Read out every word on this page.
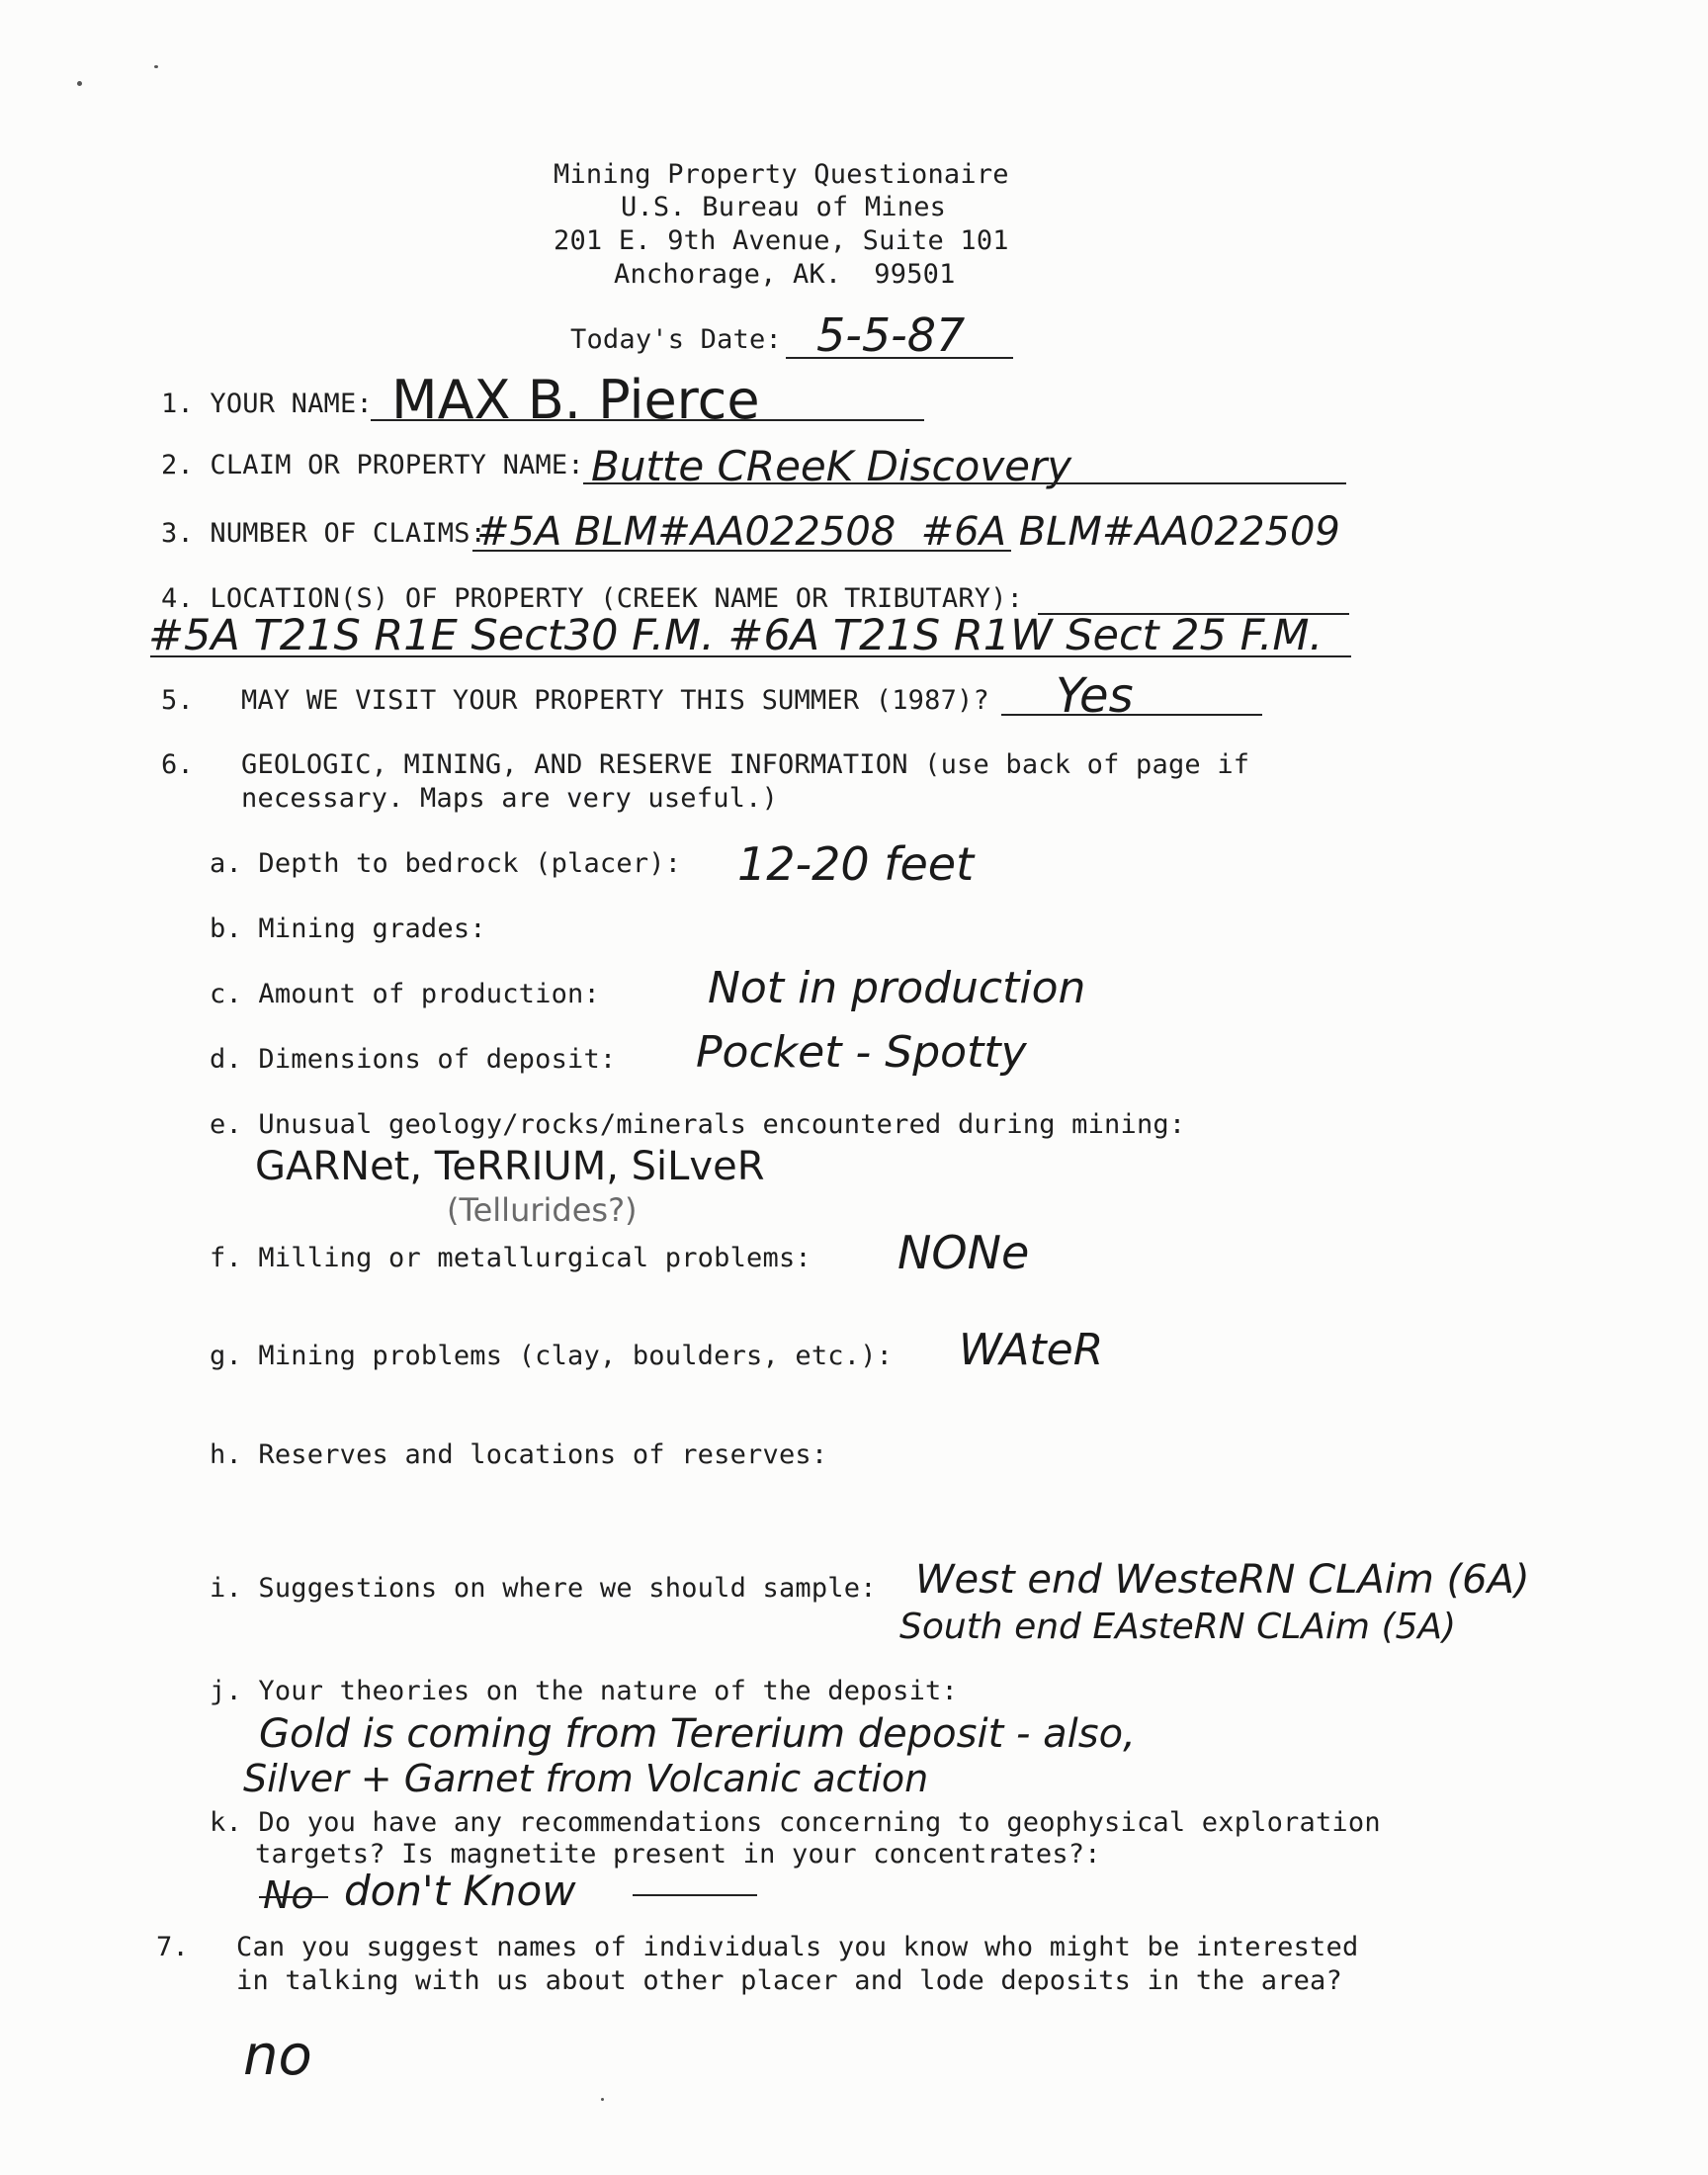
Mining Property Questionaire
U.S. Bureau of Mines
201 E. 9th Avenue, Suite 101
Anchorage, AK.  99501
Today's Date: 5-5-87
1. YOUR NAME: MAX B. Pierce
2. CLAIM OR PROPERTY NAME: Butte CReeK Discovery
3. NUMBER OF CLAIMS:
#5A BLM#AA022508  #6A BLM#AA022509
4. LOCATION(S) OF PROPERTY (CREEK NAME OR TRIBUTARY):
#5A T21S R1E Sect30 F.M. #6A T21S R1W Sect 25 F.M.
5. MAY WE VISIT YOUR PROPERTY THIS SUMMER (1987)? Yes
6. GEOLOGIC, MINING, AND RESERVE INFORMATION (use back of page if
necessary. Maps are very useful.)
a. Depth to bedrock (placer): 12-20 feet
b. Mining grades:
c. Amount of production: Not in production
d. Dimensions of deposit: Pocket - Spotty
e. Unusual geology/rocks/minerals encountered during mining:
GARNet, TeRRIUM, SiLveR
(Tellurides?)
f. Milling or metallurgical problems: NONe
g. Mining problems (clay, boulders, etc.): WAteR
h. Reserves and locations of reserves:
i. Suggestions on where we should sample: West end WesteRN CLAim (6A)
South end EAsteRN CLAim (5A)
j. Your theories on the nature of the deposit:
Gold is coming from Tererium deposit - also,
Silver + Garnet from Volcanic action
k. Do you have any recommendations concerning to geophysical exploration
targets? Is magnetite present in your concentrates?:
No don't Know
7. Can you suggest names of individuals you know who might be interested
in talking with us about other placer and lode deposits in the area?
no
